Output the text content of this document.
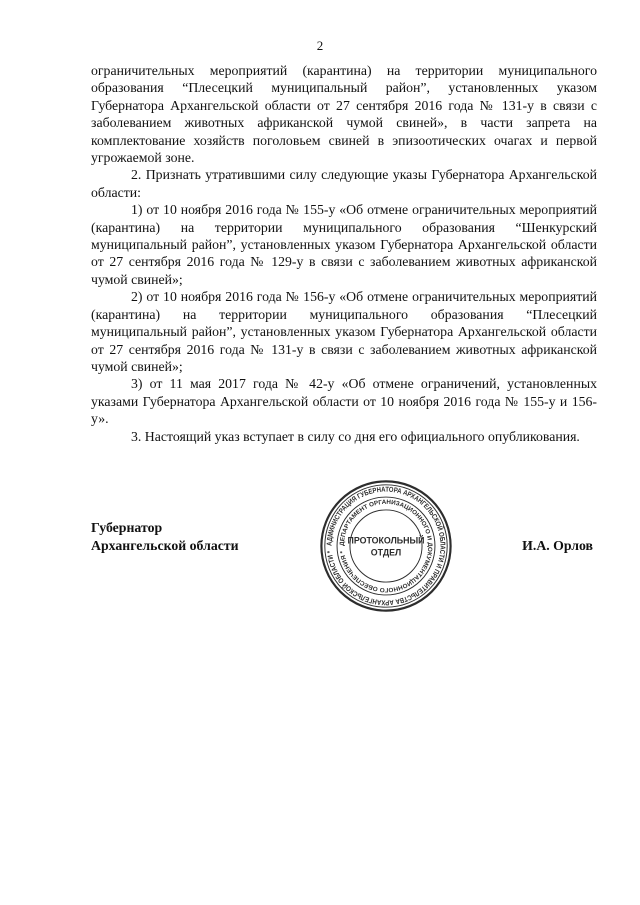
2

ограничительных мероприятий (карантина) на территории муниципального образования “Плесецкий муниципальный район”, установленных указом Губернатора Архангельской области от 27 сентября 2016 года № 131-у в связи с заболеванием животных африканской чумой свиней», в части запрета на комплектование хозяйств поголовьем свиней в эпизоотических очагах и первой угрожаемой зоне.

2. Признать утратившими силу следующие указы Губернатора Архангельской области:

1) от 10 ноября 2016 года № 155-у «Об отмене ограничительных мероприятий (карантина) на территории муниципального образования “Шенкурский муниципальный район”, установленных указом Губернатора Архангельской области от 27 сентября 2016 года № 129-у в связи с заболеванием животных африканской чумой свиней»;

2) от 10 ноября 2016 года № 156-у «Об отмене ограничительных мероприятий (карантина) на территории муниципального образования “Плесецкий муниципальный район”, установленных указом Губернатора Архангельской области от 27 сентября 2016 года № 131-у в связи с заболеванием животных африканской чумой свиней»;

3) от 11 мая 2017 года № 42-у «Об отмене ограничений, установленных указами Губернатора Архангельской области от 10 ноября 2016 года № 155-у и 156-у».

3. Настоящий указ вступает в силу со дня его официального опубликования.

Губернатор
Архангельской области	И.А. Орлов
АДМИНИСТРАЦИЯ ГУБЕРНАТОРА АРХАНГЕЛЬСКОЙ ОБЛАСТИ И ПРАВИТЕЛЬСТВА АРХАНГЕЛЬСКОЙ ОБЛАСТИ *
ДЕПАРТАМЕНТ ОРГАНИЗАЦИОННОГО И ДОКУМЕНТАЦИОННОГО ОБЕСПЕЧЕНИЯ *
ПРОТОКОЛЬНЫЙ
ОТДЕЛ
